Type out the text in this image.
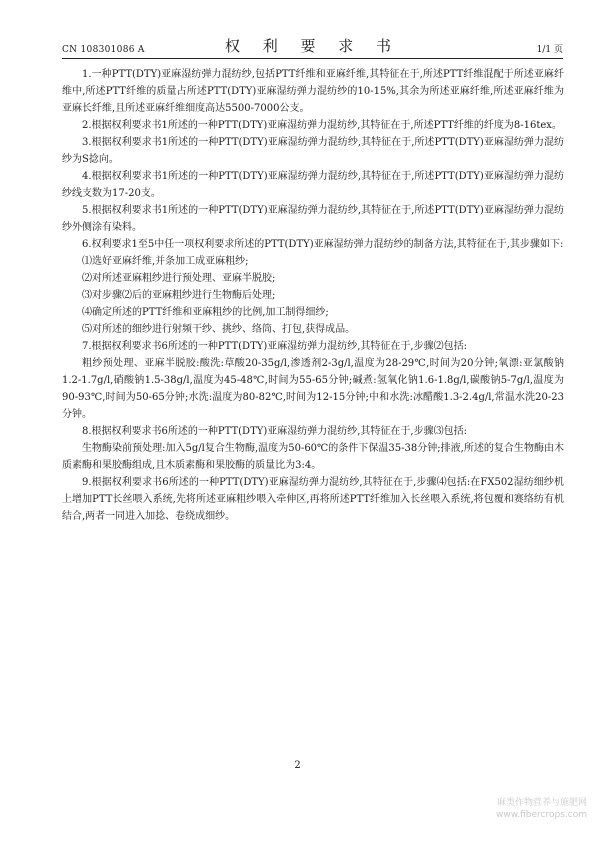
CN 108301086 A	权 利 要 求 书	1/1 页

1.一种PTT(DTY)亚麻湿纺弹力混纺纱,包括PTT纤维和亚麻纤维,其特征在于,所述PTT纤维混配于所述亚麻纤维中,所述PTT纤维的质量占所述PTT(DTY)亚麻湿纺弹力混纺纱的10-15%,其余为所述亚麻纤维,所述亚麻纤维为亚麻长纤维,且所述亚麻纤维细度高达5500-7000公支。

2.根据权利要求书1所述的一种PTT(DTY)亚麻湿纺弹力混纺纱,其特征在于,所述PTT纤维的纤度为8-16tex。

3.根据权利要求书1所述的一种PTT(DTY)亚麻湿纺弹力混纺纱,其特征在于,所述PTT(DTY)亚麻湿纺弹力混纺纱为S捻向。

4.根据权利要求书1所述的一种PTT(DTY)亚麻湿纺弹力混纺纱,其特征在于,所述PTT(DTY)亚麻湿纺弹力混纺纱线支数为17-20支。

5.根据权利要求书1所述的一种PTT(DTY)亚麻湿纺弹力混纺纱,其特征在于,所述PTT(DTY)亚麻湿纺弹力混纺纱外侧涂有染料。

6.权利要求1至5中任一项权利要求所述的PTT(DTY)亚麻湿纺弹力混纺纱的制备方法,其特征在于,其步骤如下:

⑴选好亚麻纤维,并条加工成亚麻粗纱;

⑵对所述亚麻粗纱进行预处理、亚麻半脱胶;

⑶对步骤⑵后的亚麻粗纱进行生物酶后处理;

⑷确定所述的PTT纤维和亚麻粗纱的比例,加工制得细纱;

⑸对所述的细纱进行射频干纱、挑纱、络筒、打包,获得成品。

7.根据权利要求书6所述的一种PTT(DTY)亚麻湿纺弹力混纺纱,其特征在于,步骤⑵包括:

粗纱预处理、亚麻半脱胶:酸洗:草酸20-35g/l,渗透剂2-3g/l,温度为28-29℃,时间为20分钟;氧漂:亚氯酸钠1.2-1.7g/l,硝酸钠1.5-38g/l,温度为45-48℃,时间为55-65分钟;碱煮:氢氧化钠1.6-1.8g/l,碳酸钠5-7g/l,温度为90-93℃,时间为50-65分钟;水洗:温度为80-82℃,时间为12-15分钟;中和水洗:冰醋酸1.3-2.4g/l,常温水洗20-23分钟。

8.根据权利要求书6所述的一种PTT(DTY)亚麻湿纺弹力混纺纱,其特征在于,步骤⑶包括:

生物酶染前预处理:加入5g/l复合生物酶,温度为50-60℃的条件下保温35-38分钟;排液,所述的复合生物酶由木质素酶和果胶酶组成,且木质素酶和果胶酶的质量比为3:4。

9.根据权利要求书6所述的一种PTT(DTY)亚麻湿纺弹力混纺纱,其特征在于,步骤⑷包括:在FX502湿纺细纱机上增加PTT长丝喂入系统,先将所述亚麻粗纱喂入牵伸区,再将所述PTT纤维加入长丝喂入系统,将包覆和赛络纺有机结合,两者一同进入加捻、卷绕成细纱。

2
麻类作物营养与施肥网
www.fibercrops.com
